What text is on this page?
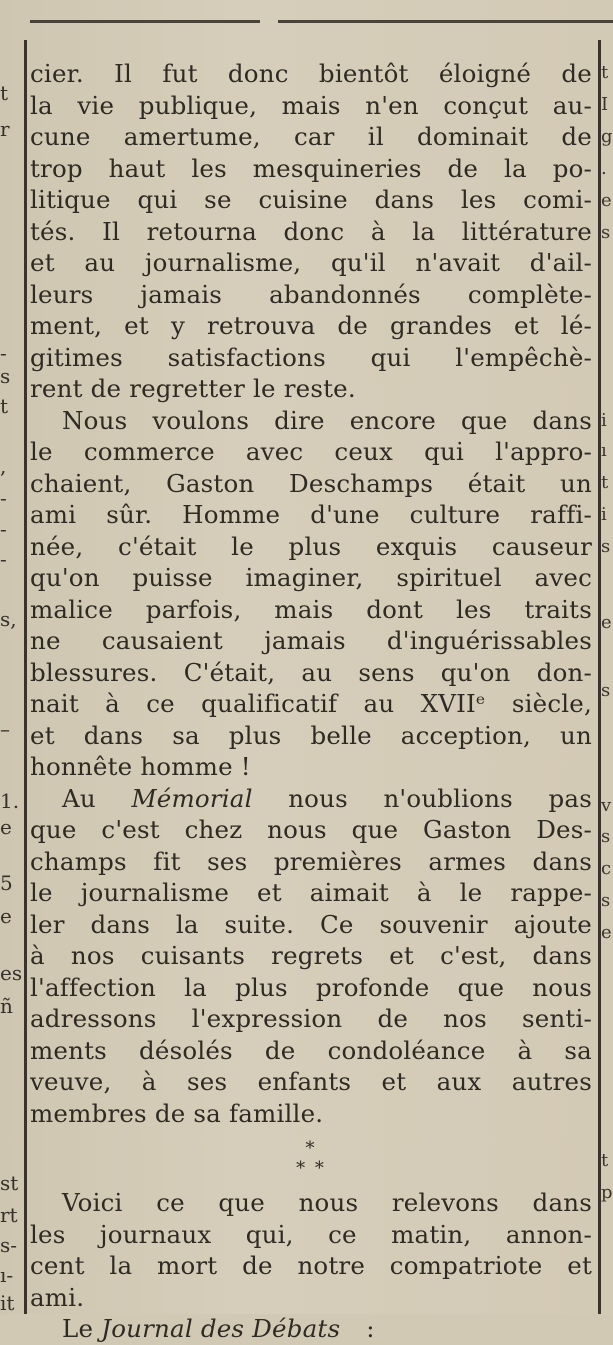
t
r
-
s
t
,
-
-
-
s,
–
1.
e
5
e
es
ñ
st
rt
s-
ı-
it
t
I
g
.
e
s
i
ı
t
i
s
e
s
v
s
c
s
e
t
p

cier. Il fut donc bientôt éloigné de
la vie publique, mais n'en conçut au-
cune amertume, car il dominait de
trop haut les mesquineries de la po-
litique qui se cuisine dans les comi-
tés. Il retourna donc à la littérature
et au journalisme, qu'il n'avait d'ail-
leurs jamais abandonnés complète-
ment, et y retrouva de grandes et lé-
gitimes satisfactions qui l'empêchè-
rent de regretter le reste.

Nous voulons dire encore que dans
le commerce avec ceux qui l'appro-
chaient, Gaston Deschamps était un
ami sûr. Homme d'une culture raffi-
née, c'était le plus exquis causeur
qu'on puisse imaginer, spirituel avec
malice parfois, mais dont les traits
ne causaient jamais d'inguérissables
blessures. C'était, au sens qu'on don-
nait à ce qualificatif au XVIIᵉ siècle,
et dans sa plus belle acception, un
honnête homme !

Au Mémorial nous n'oublions pas
que c'est chez nous que Gaston Des-
champs fit ses premières armes dans
le journalisme et aimait à le rappe-
ler dans la suite. Ce souvenir ajoute
à nos cuisants regrets et c'est, dans
l'affection la plus profonde que nous
adressons l'expression de nos senti-
ments désolés de condoléance à sa
veuve, à ses enfants et aux autres
membres de sa famille.

*
* *

Voici ce que nous relevons dans
les journaux qui, ce matin, annon-
cent la mort de notre compatriote et
ami.

Le Journal des Débats :
